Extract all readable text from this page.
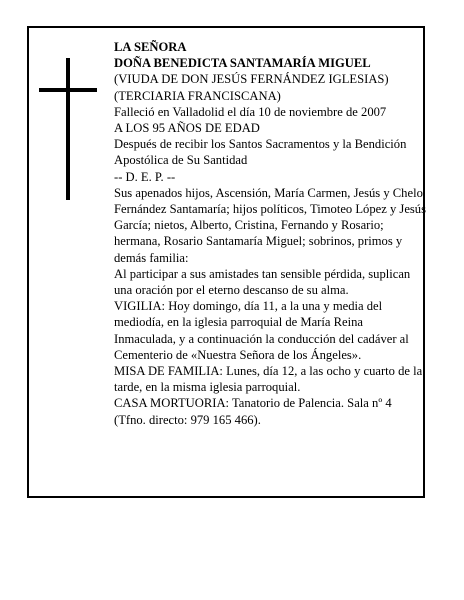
LA SEÑORA
DOÑA BENEDICTA SANTAMARÍA MIGUEL
(VIUDA DE DON JESÚS FERNÁNDEZ IGLESIAS)
(TERCIARIA FRANCISCANA)
Falleció en Valladolid el día 10 de noviembre de 2007
A LOS 95 AÑOS DE EDAD
Después de recibir los Santos Sacramentos y la Bendición Apostólica de Su Santidad
-- D. E. P. --
Sus apenados hijos, Ascensión, María Carmen, Jesús y Chelo Fernández Santamaría; hijos políticos, Timoteo López y Jesús García; nietos, Alberto, Cristina, Fernando y Rosario; hermana, Rosario Santamaría Miguel; sobrinos, primos y demás familia:
Al participar a sus amistades tan sensible pérdida, suplican una oración por el eterno descanso de su alma.
VIGILIA: Hoy domingo, día 11, a la una y media del mediodía, en la iglesia parroquial de María Reina Inmaculada, y a continuación la conducción del cadáver al Cementerio de «Nuestra Señora de los Ángeles».
MISA DE FAMILIA: Lunes, día 12, a las ocho y cuarto de la tarde, en la misma iglesia parroquial.
CASA MORTUORIA: Tanatorio de Palencia. Sala nº 4 (Tfno. directo: 979 165 466).
